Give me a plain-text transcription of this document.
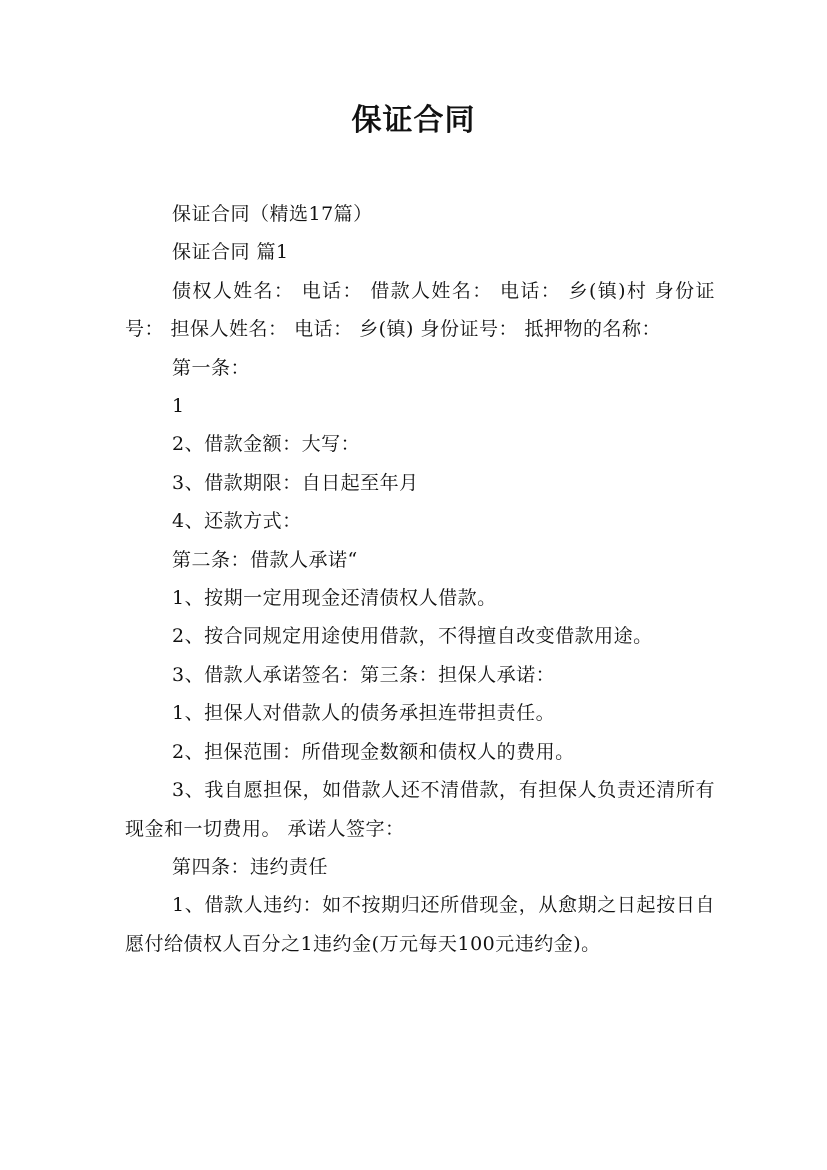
保证合同

保证合同（精选17篇）

保证合同 篇1

债权人姓名： 电话： 借款人姓名： 电话： 乡(镇)村 身份证号： 担保人姓名： 电话： 乡(镇) 身份证号： 抵押物的名称：

第一条：

1

2、借款金额：大写：

3、借款期限：自日起至年月

4、还款方式：

第二条：借款人承诺“

1、按期一定用现金还清债权人借款。

2、按合同规定用途使用借款，不得擅自改变借款用途。

3、借款人承诺签名：第三条：担保人承诺：

1、担保人对借款人的债务承担连带担责任。

2、担保范围：所借现金数额和债权人的费用。

3、我自愿担保，如借款人还不清借款，有担保人负责还清所有现金和一切费用。 承诺人签字：

第四条：违约责任

1、借款人违约：如不按期归还所借现金，从愈期之日起按日自愿付给债权人百分之1违约金(万元每天100元违约金)。
